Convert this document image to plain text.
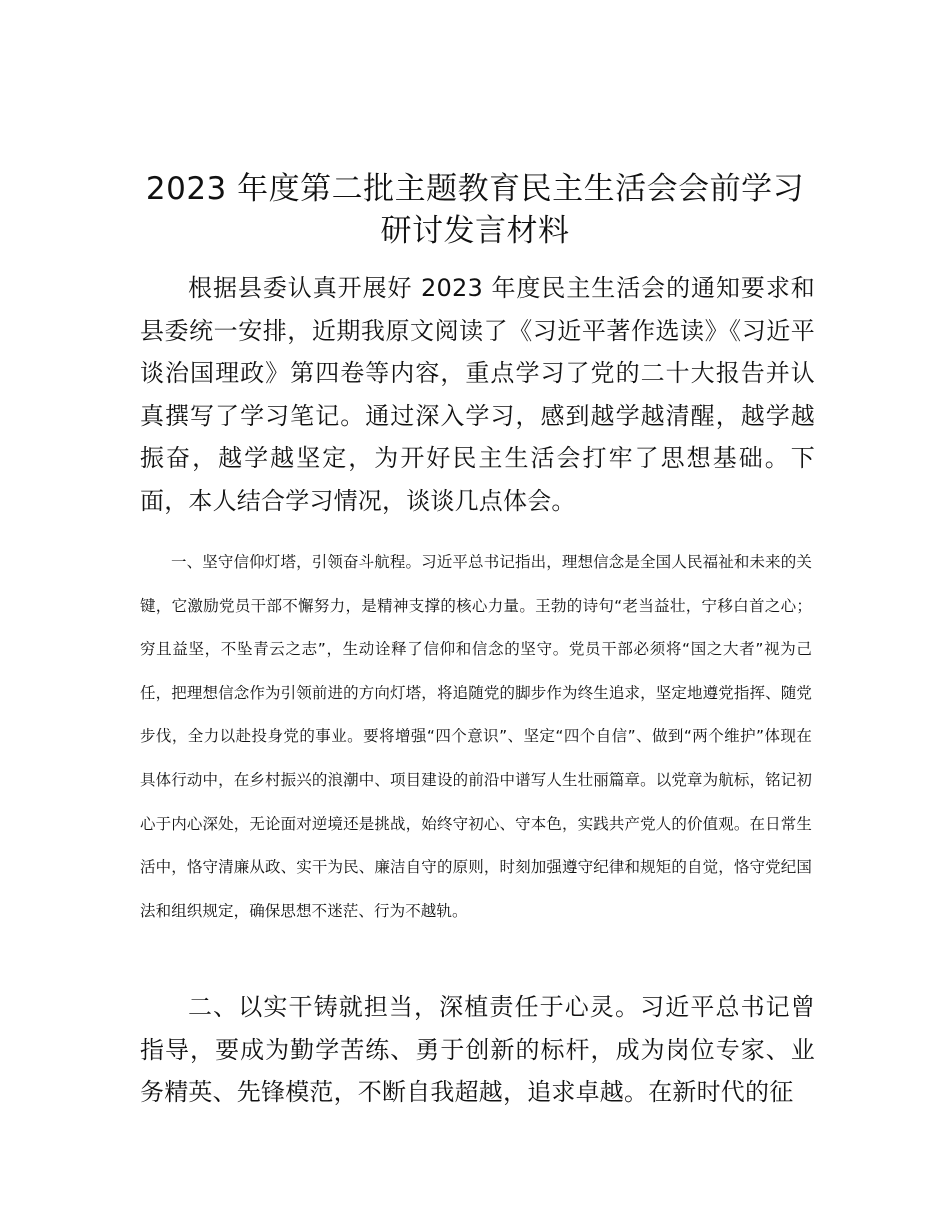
2023 年度第二批主题教育民主生活会会前学习研讨发言材料

根据县委认真开展好 2023 年度民主生活会的通知要求和县委统一安排，近期我原文阅读了《习近平著作选读》《习近平谈治国理政》第四卷等内容，重点学习了党的二十大报告并认真撰写了学习笔记。通过深入学习，感到越学越清醒，越学越振奋，越学越坚定，为开好民主生活会打牢了思想基础。下面，本人结合学习情况，谈谈几点体会。

一、坚守信仰灯塔，引领奋斗航程。习近平总书记指出，理想信念是全国人民福祉和未来的关键，它激励党员干部不懈努力，是精神支撑的核心力量。王勃的诗句“老当益壮，宁移白首之心；穷且益坚，不坠青云之志”，生动诠释了信仰和信念的坚守。党员干部必须将“国之大者”视为己任，把理想信念作为引领前进的方向灯塔，将追随党的脚步作为终生追求，坚定地遵党指挥、随党步伐，全力以赴投身党的事业。要将增强“四个意识”、坚定“四个自信”、做到“两个维护”体现在具体行动中，在乡村振兴的浪潮中、项目建设的前沿中谱写人生壮丽篇章。以党章为航标，铭记初心于内心深处，无论面对逆境还是挑战，始终守初心、守本色，实践共产党人的价值观。在日常生活中，恪守清廉从政、实干为民、廉洁自守的原则，时刻加强遵守纪律和规矩的自觉，恪守党纪国法和组织规定，确保思想不迷茫、行为不越轨。

二、以实干铸就担当，深植责任于心灵。习近平总书记曾指导，要成为勤学苦练、勇于创新的标杆，成为岗位专家、业务精英、先锋模范，不断自我超越，追求卓越。在新时代的征
